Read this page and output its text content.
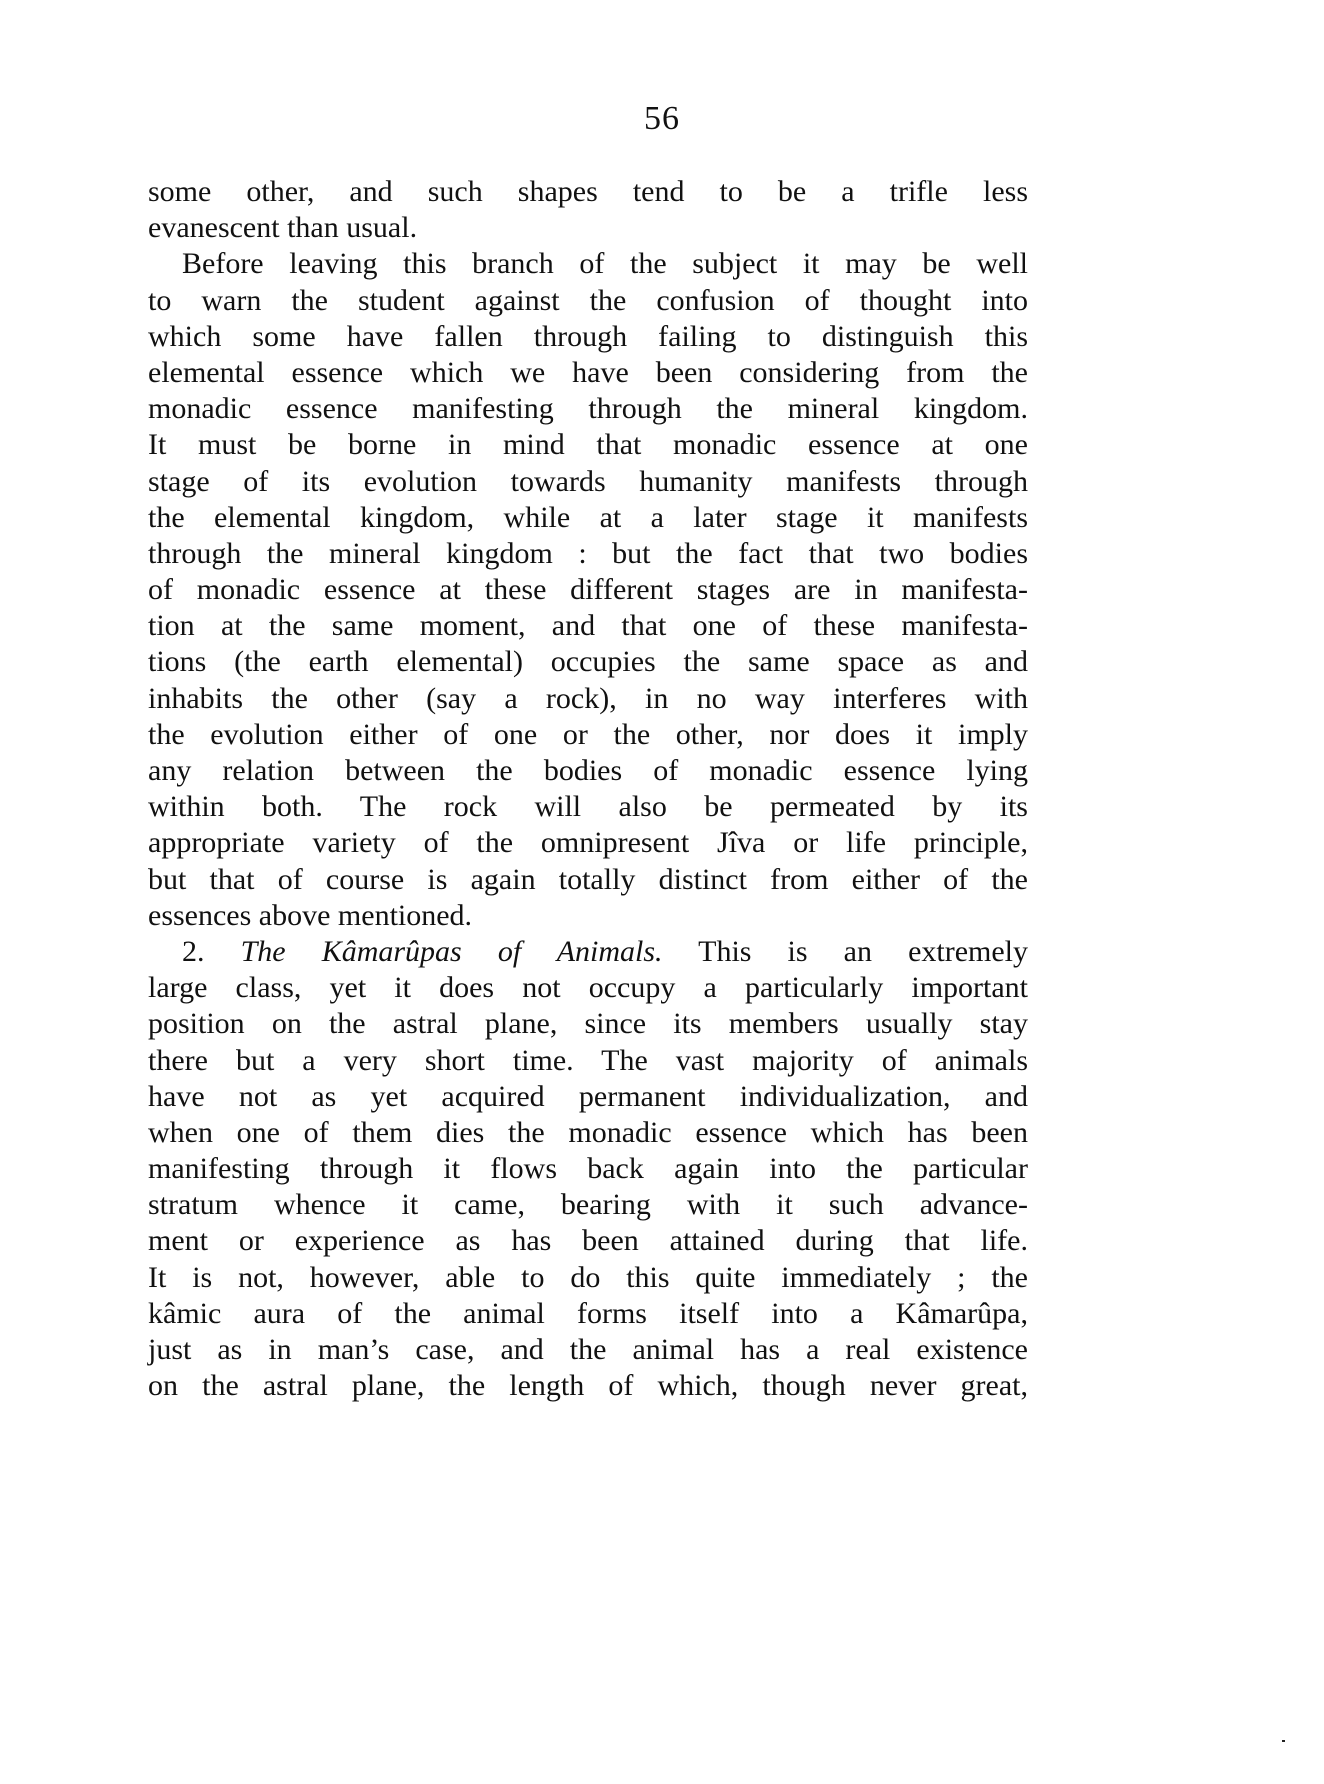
56
some other, and such shapes tend to be a trifle less
evanescent than usual.
Before leaving this branch of the subject it may be well
to warn the student against the confusion of thought into
which some have fallen through failing to distinguish this
elemental essence which we have been considering from the
monadic essence manifesting through the mineral kingdom.
It must be borne in mind that monadic essence at one
stage of its evolution towards humanity manifests through
the elemental kingdom, while at a later stage it manifests
through the mineral kingdom : but the fact that two bodies
of monadic essence at these different stages are in manifesta-
tion at the same moment, and that one of these manifesta-
tions (the earth elemental) occupies the same space as and
inhabits the other (say a rock), in no way interferes with
the evolution either of one or the other, nor does it imply
any relation between the bodies of monadic essence lying
within both. The rock will also be permeated by its
appropriate variety of the omnipresent Jîva or life principle,
but that of course is again totally distinct from either of the
essences above mentioned.
2. The Kâmarûpas of Animals. This is an extremely
large class, yet it does not occupy a particularly important
position on the astral plane, since its members usually stay
there but a very short time. The vast majority of animals
have not as yet acquired permanent individualization, and
when one of them dies the monadic essence which has been
manifesting through it flows back again into the particular
stratum whence it came, bearing with it such advance-
ment or experience as has been attained during that life.
It is not, however, able to do this quite immediately ; the
kâmic aura of the animal forms itself into a Kâmarûpa,
just as in man’s case, and the animal has a real existence
on the astral plane, the length of which, though never great,
